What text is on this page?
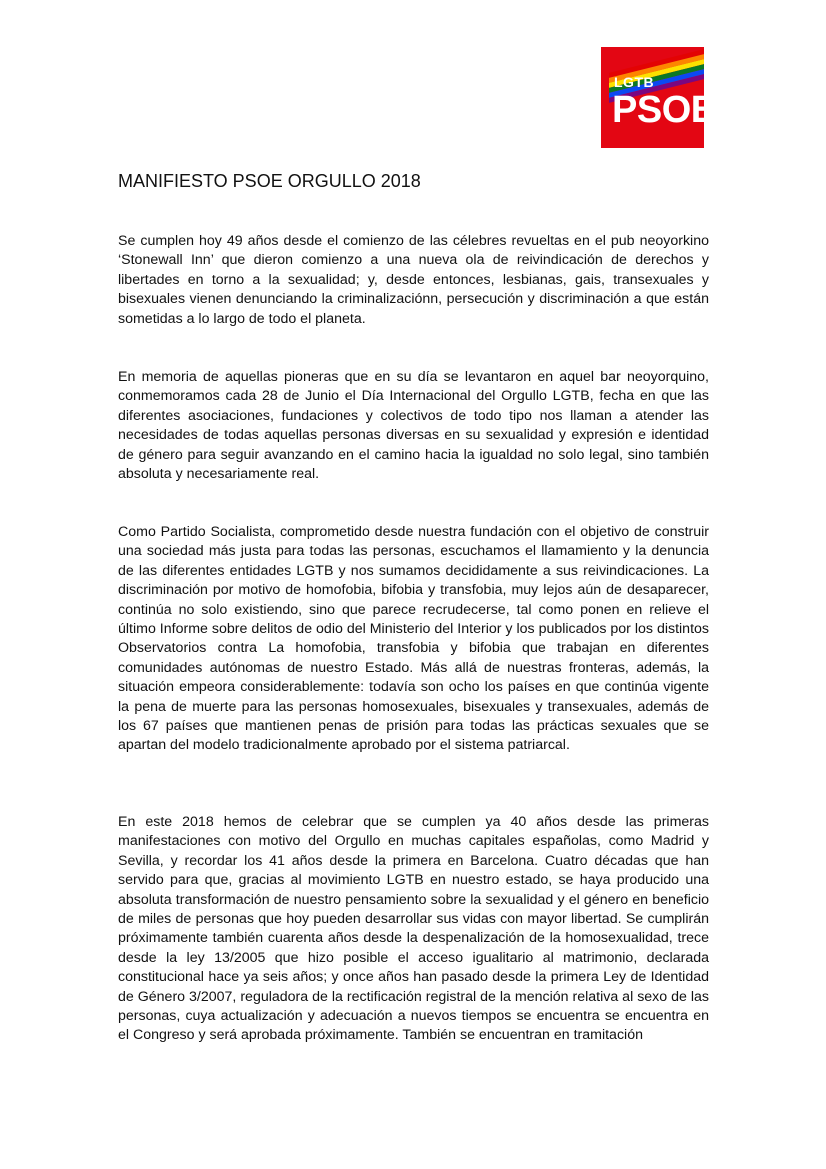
LGTB
PSOE
MANIFIESTO PSOE ORGULLO 2018

Se cumplen hoy 49 años desde el comienzo de las célebres revueltas en el pub neoyorkino ‘Stonewall Inn’ que dieron comienzo a una nueva ola de reivindicación de derechos y libertades en torno a la sexualidad; y, desde entonces, lesbianas, gais, transexuales y bisexuales vienen denunciando la criminalizaciónn, persecución y discriminación a que están sometidas a lo largo de todo el planeta.

En memoria de aquellas pioneras que en su día se levantaron en aquel bar neoyorquino, conmemoramos cada 28 de Junio el Día Internacional del Orgullo LGTB, fecha en que las diferentes asociaciones, fundaciones y colectivos de todo tipo nos llaman a atender las necesidades de todas aquellas personas diversas en su sexualidad y expresión e identidad de género para seguir avanzando en el camino hacia la igualdad no solo legal, sino también absoluta y necesariamente real.

Como Partido Socialista, comprometido desde nuestra fundación con el objetivo de construir una sociedad más justa para todas las personas, escuchamos el llamamiento y la denuncia de las diferentes entidades LGTB y nos sumamos decididamente a sus reivindicaciones. La discriminación por motivo de homofobia, bifobia y transfobia, muy lejos aún de desaparecer, continúa no solo existiendo, sino que parece recrudecerse, tal como ponen en relieve el último Informe sobre delitos de odio del Ministerio del Interior y los publicados por los distintos Observatorios contra La homofobia, transfobia y bifobia que trabajan en diferentes comunidades autónomas de nuestro Estado. Más allá de nuestras fronteras, además, la situación empeora considerablemente: todavía son ocho los países en que continúa vigente la pena de muerte para las personas homosexuales, bisexuales y transexuales, además de los 67 países que mantienen penas de prisión para todas las prácticas sexuales que se apartan del modelo tradicionalmente aprobado por el sistema patriarcal.

En este 2018 hemos de celebrar que se cumplen ya 40 años desde las primeras manifestaciones con motivo del Orgullo en muchas capitales españolas, como Madrid y Sevilla, y recordar los 41 años desde la primera en Barcelona. Cuatro décadas que han servido para que, gracias al movimiento LGTB en nuestro estado, se haya producido una absoluta transformación de nuestro pensamiento sobre la sexualidad y el género en beneficio de miles de personas que hoy pueden desarrollar sus vidas con mayor libertad. Se cumplirán próximamente también cuarenta años desde la despenalización de la homosexualidad, trece desde la ley 13/2005 que hizo posible el acceso igualitario al matrimonio, declarada constitucional hace ya seis años; y once años han pasado desde la primera Ley de Identidad de Género 3/2007, reguladora de la rectificación registral de la mención relativa al sexo de las personas, cuya actualización y adecuación a nuevos tiempos se encuentra se encuentra en el Congreso y será aprobada próximamente. También se encuentran en tramitación
